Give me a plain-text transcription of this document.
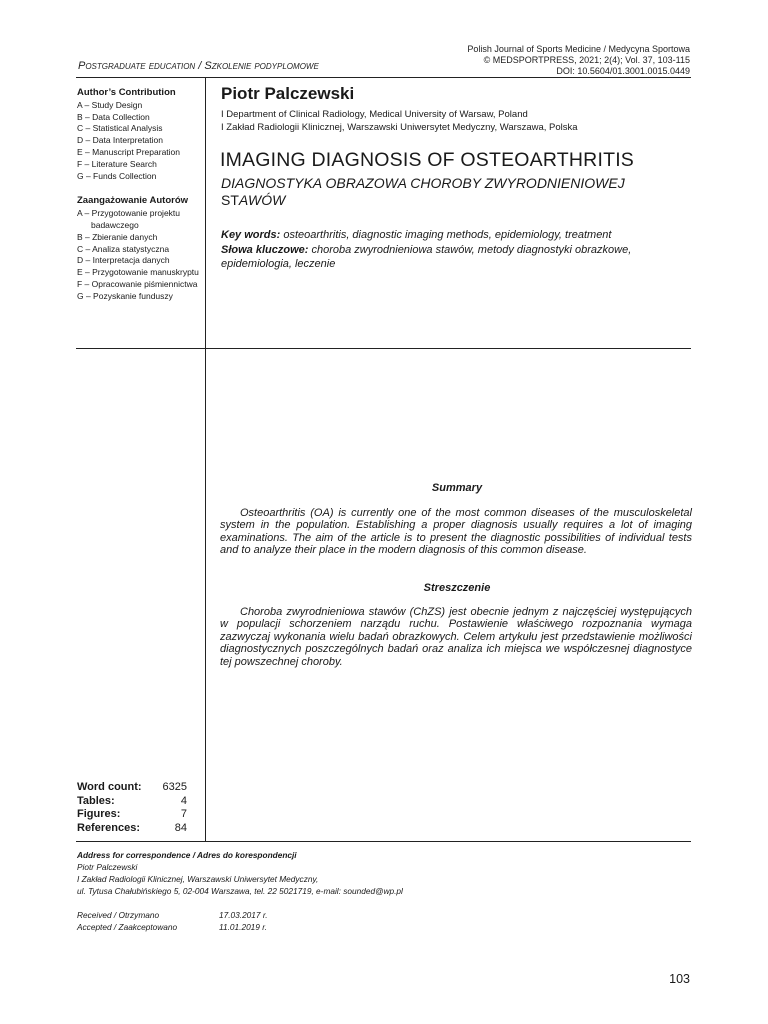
Polish Journal of Sports Medicine / Medycyna Sportowa
© MEDSPORTPRESS, 2021; 2(4); Vol. 37, 103-115
DOI: 10.5604/01.3001.0015.0449
Postgraduate education / Szkolenie podyplomowe
Author’s Contribution
A – Study Design
B – Data Collection
C – Statistical Analysis
D – Data Interpretation
E – Manuscript Preparation
F – Literature Search
G – Funds Collection
Zaangażowanie Autorów
A – Przygotowanie projektu
badawczego
B – Zbieranie danych
C – Analiza statystyczna
D – Interpretacja danych
E – Przygotowanie manuskryptu
F – Opracowanie piśmiennictwa
G – Pozyskanie funduszy
Word count: 6325
Tables:	4
Figures:	7
References:	84
Piotr Palczewski
I Department of Clinical Radiology, Medical University of Warsaw, Poland
I Zakład Radiologii Klinicznej, Warszawski Uniwersytet Medyczny, Warszawa, Polska
IMAGING DIAGNOSIS OF OSTEOARTHRITIS
DIAGNOSTYKA OBRAZOWA CHOROBY ZWYRODNIENIOWEJ
STAWÓW
Key words: osteoarthritis, diagnostic imaging methods, epidemiology, treatment
Słowa kluczowe: choroba zwyrodnieniowa stawów, metody diagnostyki obrazkowe, epidemiologia, leczenie
Summary
Osteoarthritis (OA) is currently one of the most common diseases of the musculoskeletal system in the population. Establishing a proper diagnosis usually requires a lot of imaging examinations. The aim of the article is to present the diagnostic possibilities of individual tests and to analyze their place in the modern diagnosis of this common disease.
Streszczenie
Choroba zwyrodnieniowa stawów (ChZS) jest obecnie jednym z najczęściej występujących w populacji schorzeniem narządu ruchu. Postawienie właściwego rozpoznania wymaga zazwyczaj wykonania wielu badań obrazkowych. Celem artykułu jest przedstawienie możliwości diagnostycznych poszczególnych badań oraz analiza ich miejsca we współczesnej diagnostyce tej powszechnej choroby.
Address for correspondence / Adres do korespondencji
Piotr Palczewski
I Zakład Radiologii Klinicznej, Warszawski Uniwersytet Medyczny,
ul. Tytusa Chałubińskiego 5, 02-004 Warszawa, tel. 22 5021719, e-mail: sounded@wp.pl
Received / Otrzymano	17.03.2017 r.
Accepted / Zaakceptowano	11.01.2019 r.
103
